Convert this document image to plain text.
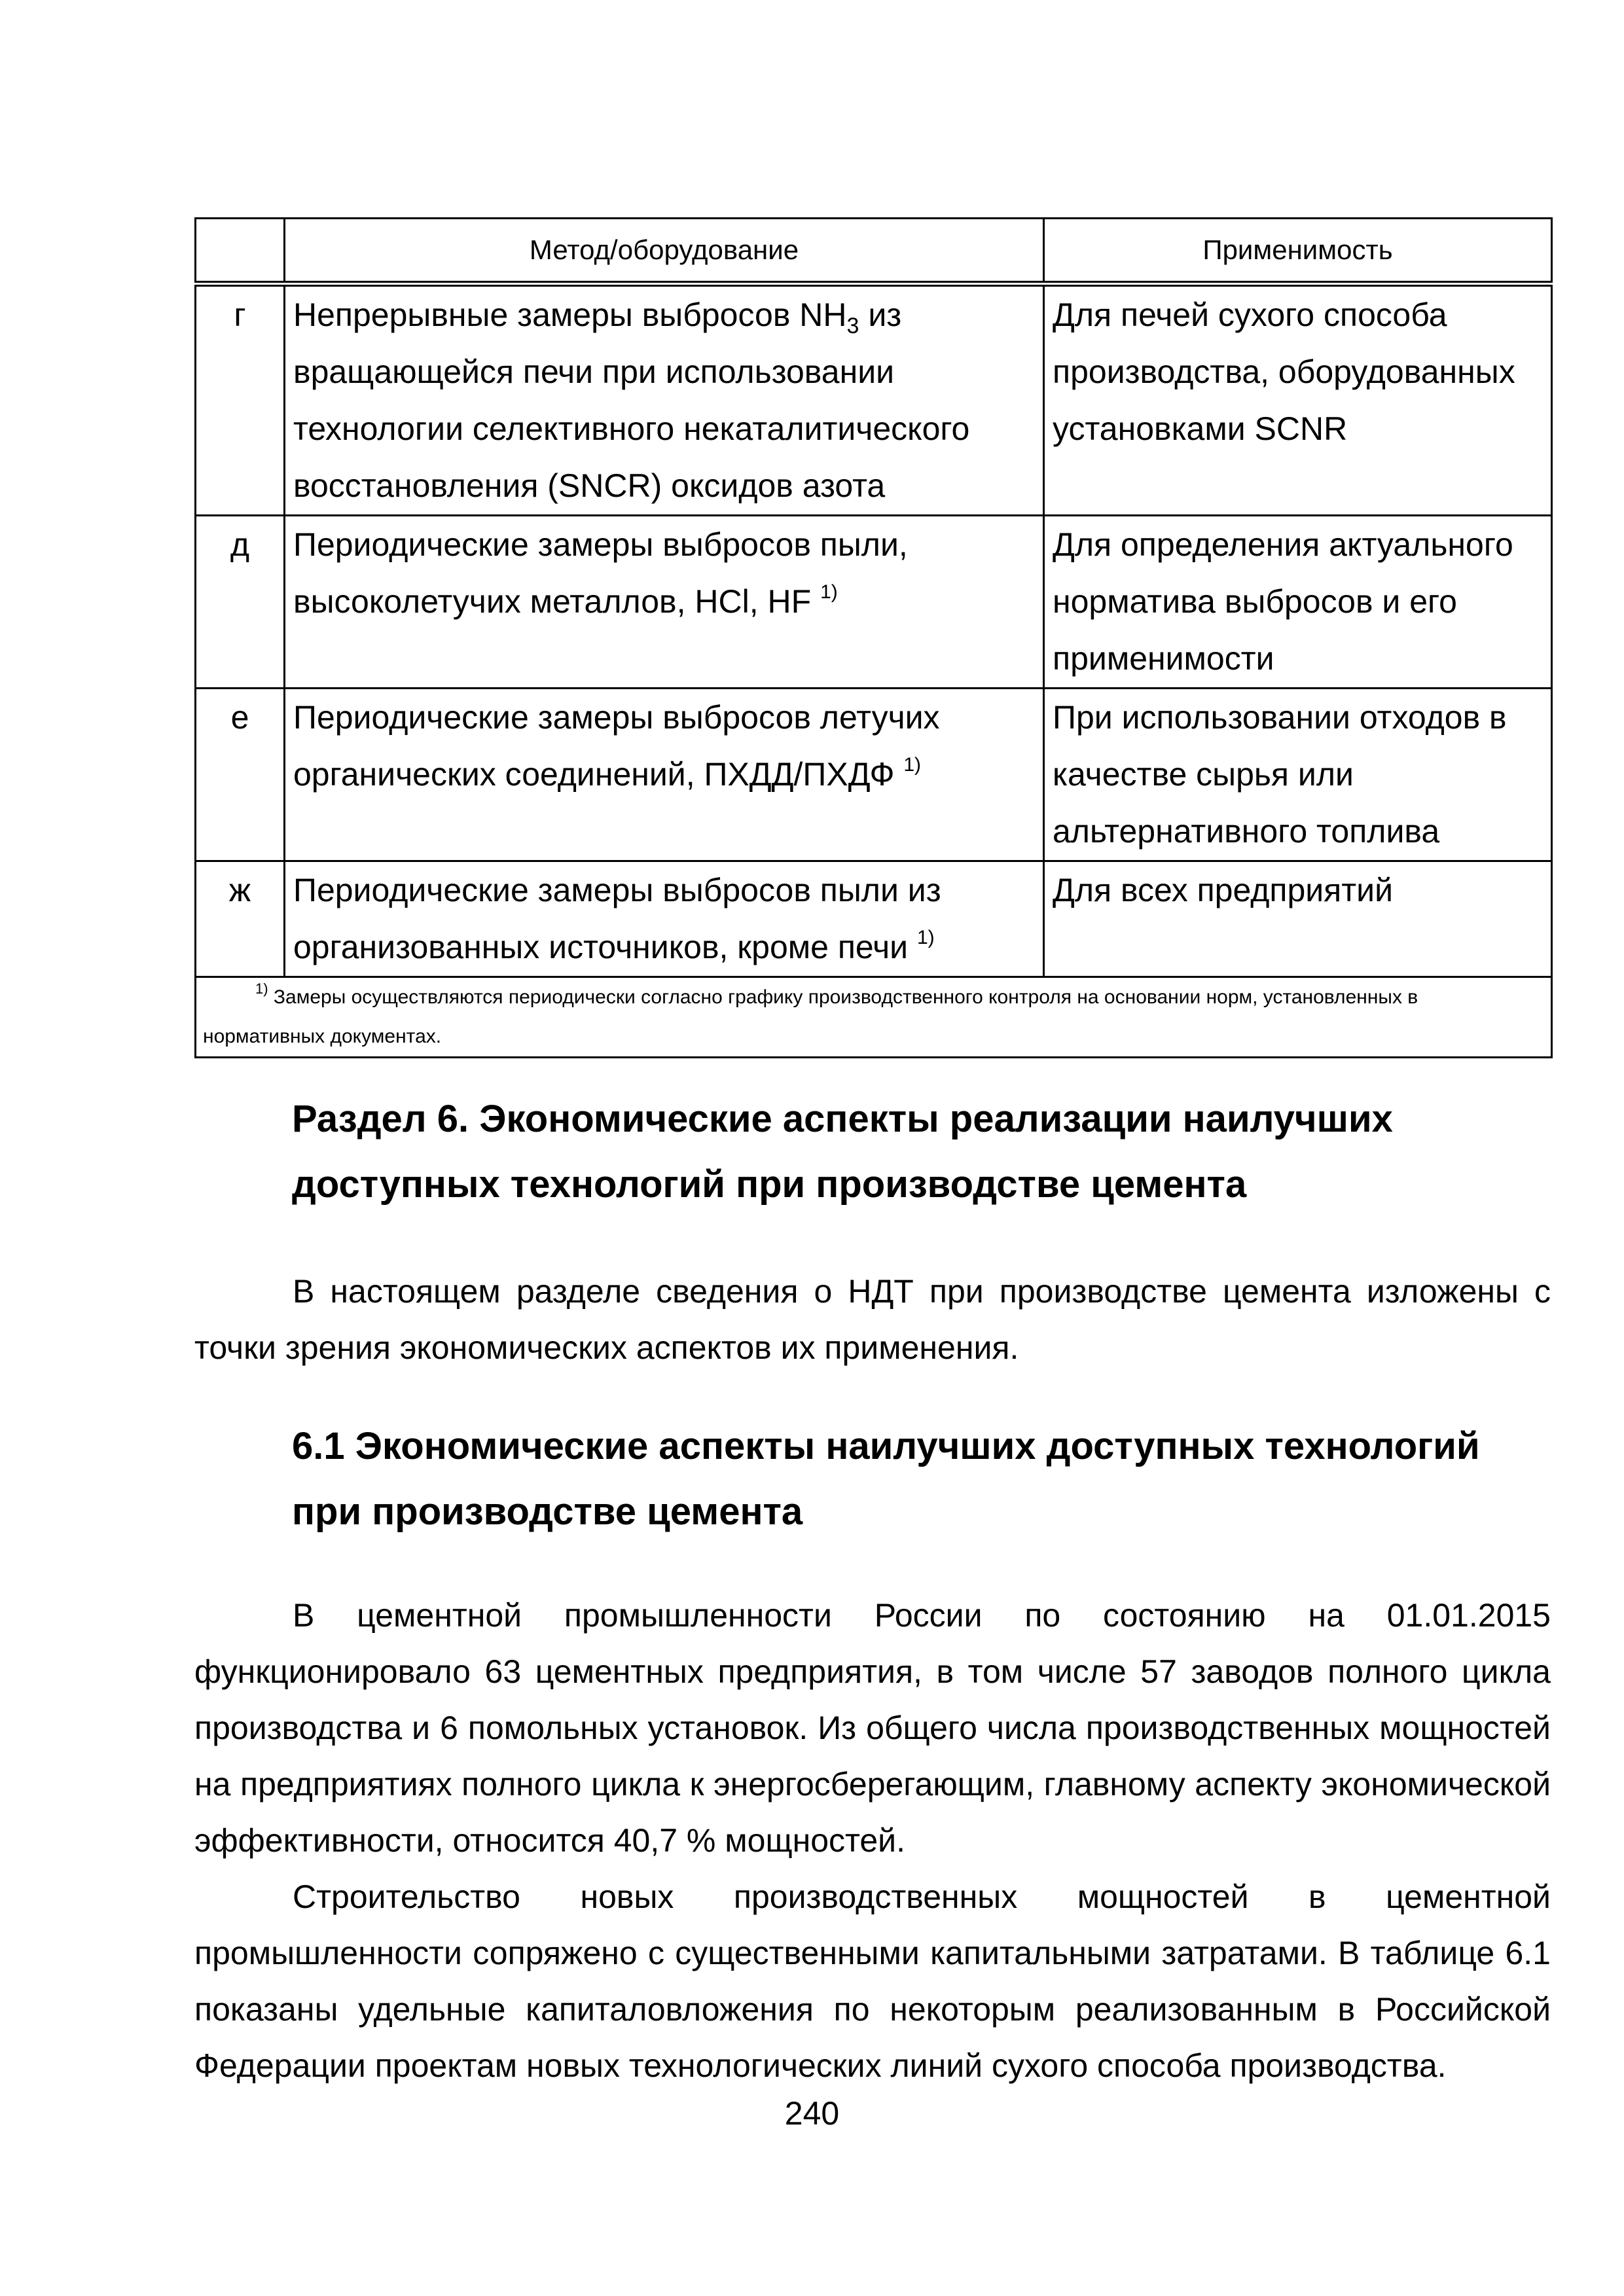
	Метод/оборудование	Применимость
г	Непрерывные замеры выбросов $NH_3$ из вращающейся печи при использовании технологии селективного некаталитического восстановления (SNCR) оксидов азота	Для печей сухого способа производства, оборудованных установками SCNR
д	Периодические замеры выбросов пыли, высоколетучих металлов, HCl, HF $^{1)}$	Для определения актуального норматива выбросов и его применимости
е	Периодические замеры выбросов летучих органических соединений, ПХДД/ПХДФ $^{1)}$	При использовании отходов в качестве сырья или альтернативного топлива
ж	Периодические замеры выбросов пыли из организованных источников, кроме печи $^{1)}$	Для всех предприятий
$^{1)}$ Замеры осуществляются периодически согласно графику производственного контроля на основании норм, установленных в нормативных документах.		
Раздел 6. Экономические аспекты реализации наилучших доступных технологий при производстве цемента

В настоящем разделе сведения о НДТ при производстве цемента изложены с точки зрения экономических аспектов их применения.

6.1 Экономические аспекты наилучших доступных технологий при производстве цемента

В цементной промышленности России по состоянию на 01.01.2015 функционировало 63 цементных предприятия, в том числе 57 заводов полного цикла производства и 6 помольных установок. Из общего числа производственных мощностей на предприятиях полного цикла к энергосберегающим, главному аспекту экономической эффективности, относится 40,7 % мощностей.

Строительство новых производственных мощностей в цементной промышленности сопряжено с существенными капитальными затратами. В таблице 6.1 показаны удельные капиталовложения по некоторым реализованным в Российской Федерации проектам новых технологических линий сухого способа производства.

240
